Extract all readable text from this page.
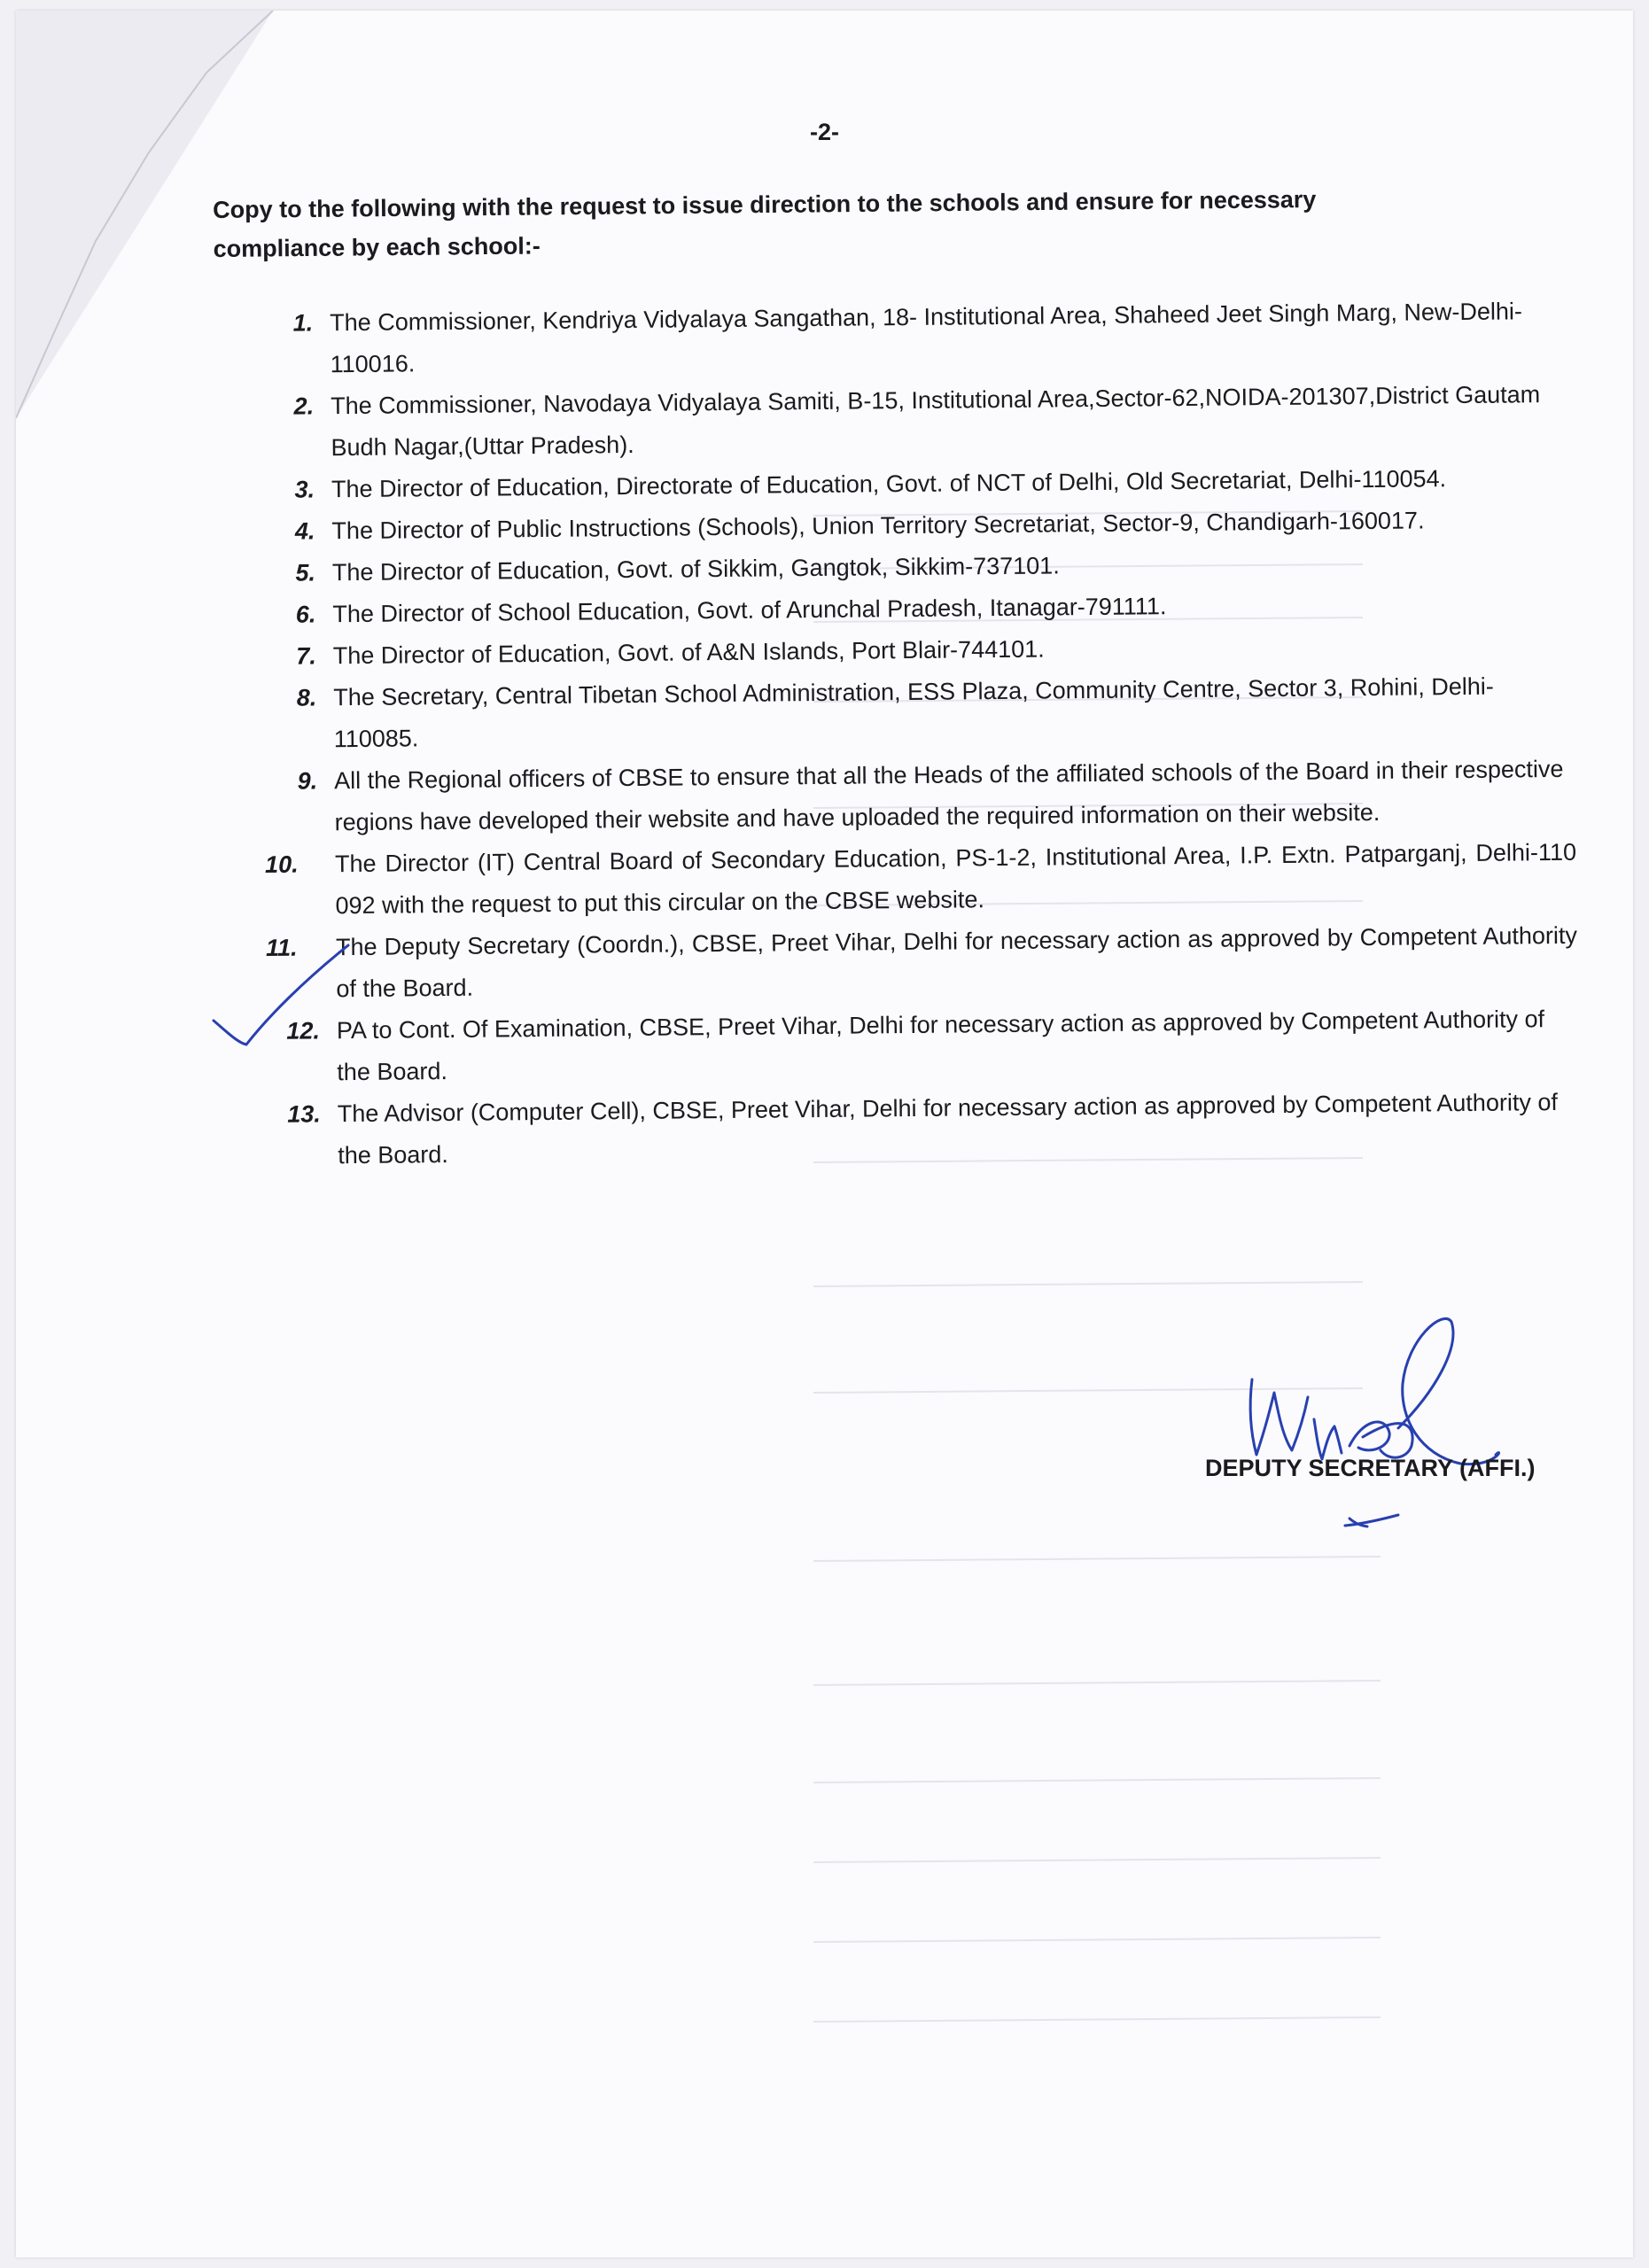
-2-
Copy to the following with the request to issue direction to the schools and ensure for necessary compliance by each school:-
1. The Commissioner, Kendriya Vidyalaya Sangathan, 18- Institutional Area, Shaheed Jeet Singh Marg, New-Delhi-110016.
2. The Commissioner, Navodaya Vidyalaya Samiti, B-15, Institutional Area,Sector-62,NOIDA-201307,District Gautam Budh Nagar,(Uttar Pradesh).
3. The Director of Education, Directorate of Education, Govt. of NCT of Delhi, Old Secretariat, Delhi-110054.
4. The Director of Public Instructions (Schools), Union Territory Secretariat, Sector-9, Chandigarh-160017.
5. The Director of Education, Govt. of Sikkim, Gangtok, Sikkim-737101.
6. The Director of School Education, Govt. of Arunchal Pradesh, Itanagar-791111.
7. The Director of Education, Govt. of A&N Islands, Port Blair-744101.
8. The Secretary, Central Tibetan School Administration, ESS Plaza, Community Centre, Sector 3, Rohini, Delhi-110085.
9. All the Regional officers of CBSE to ensure that all the Heads of the affiliated schools of the Board in their respective regions have developed their website and have uploaded the required information on their website.
10.	The Director (IT) Central Board of Secondary Education, PS-1-2, Institutional Area, I.P. Extn. Patparganj, Delhi-110 092 with the request to put this circular on the CBSE website.
11.	The Deputy Secretary (Coordn.), CBSE, Preet Vihar, Delhi for necessary action as approved by Competent Authority of the Board.
12. PA to Cont. Of Examination, CBSE, Preet Vihar, Delhi for necessary action as approved by Competent Authority of the Board.
13. The Advisor (Computer Cell), CBSE, Preet Vihar, Delhi for necessary action as approved by Competent Authority of the Board.
DEPUTY SECRETARY (AFFI.)
